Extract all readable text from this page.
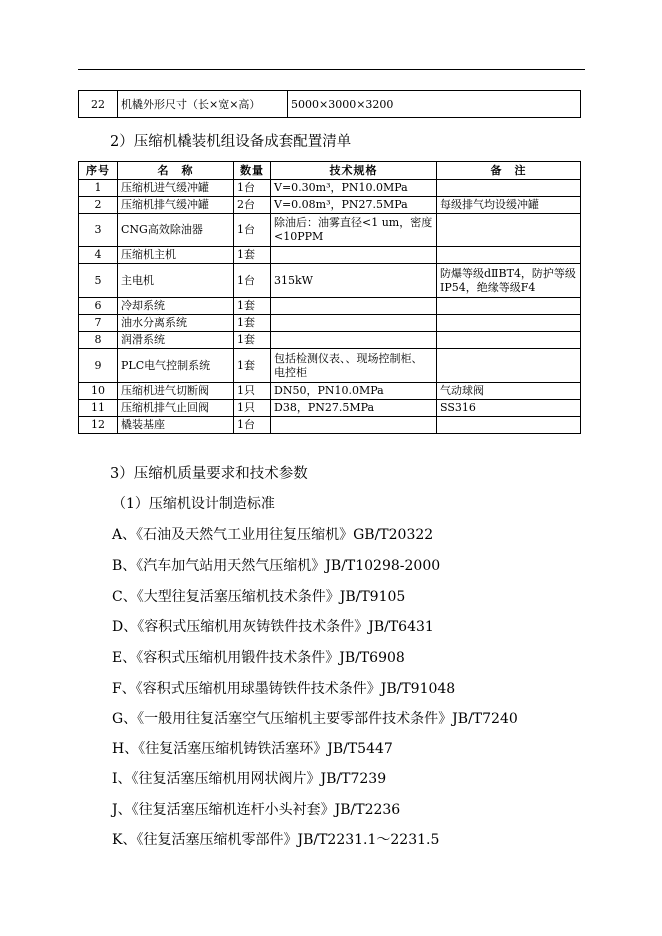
22	机橇外形尺寸（长×宽×高）	5000×3000×3200
2）压缩机橇装机组设备成套配置清单
序号	名　称	数量	技术规格	备　注
1	压缩机进气缓冲罐	1台	V=0.30m³，PN10.0MPa	
2	压缩机排气缓冲罐	2台	V=0.08m³，PN27.5MPa	每级排气均设缓冲罐
3	CNG高效除油器	1台	除油后：油雾直径<1 um，密度<10PPM	
4	压缩机主机	1套		
5	主电机	1台	315kW	防爆等级dⅡBT4，防护等级IP54，绝缘等级F4
6	冷却系统	1套		
7	油水分离系统	1套		
8	润滑系统	1套		
9	PLC电气控制系统	1套	包括检测仪表、、现场控制柜、电控柜	
10	压缩机进气切断阀	1只	DN50，PN10.0MPa	气动球阀
11	压缩机排气止回阀	1只	D38，PN27.5MPa	SS316
12	橇装基座	1台		
3）压缩机质量要求和技术参数
（1）压缩机设计制造标准
A、《石油及天然气工业用往复压缩机》GB/T20322
B、《汽车加气站用天然气压缩机》JB/T10298-2000
C、《大型往复活塞压缩机技术条件》JB/T9105
D、《容积式压缩机用灰铸铁件技术条件》JB/T6431
E、《容积式压缩机用锻件技术条件》JB/T6908
F、《容积式压缩机用球墨铸铁件技术条件》JB/T91048
G、《一般用往复活塞空气压缩机主要零部件技术条件》JB/T7240
H、《往复活塞压缩机铸铁活塞环》JB/T5447
I、《往复活塞压缩机用网状阀片》JB/T7239
J、《往复活塞压缩机连杆小头衬套》JB/T2236
K、《往复活塞压缩机零部件》JB/T2231.1～2231.5
